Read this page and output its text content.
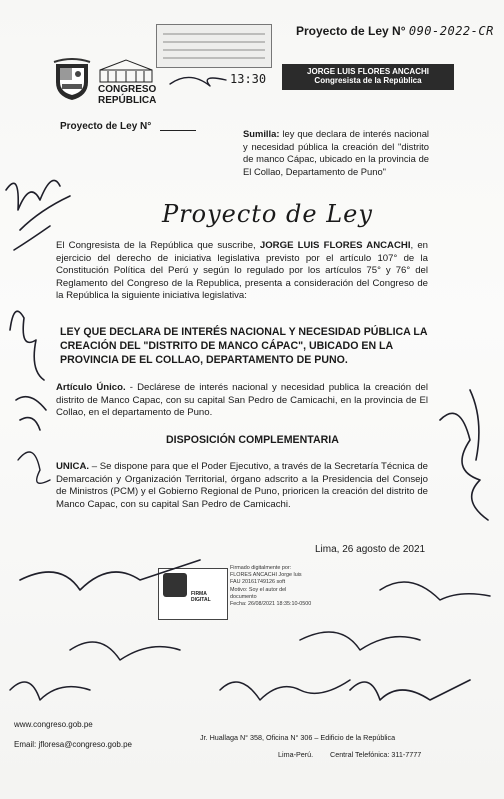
Proyecto de Ley N° 090-2022-CR
13:30
CONGRESO
REPÚBLICA
JORGE LUIS FLORES ANCACHI
Congresista de la República
Proyecto de Ley N°
Sumilla: ley que declara de interés nacional y necesidad pública la creación del "distrito de manco Cápac, ubicado en la provincia de El Collao, Departamento de Puno"
Proyecto de Ley
El Congresista de la República que suscribe, JORGE LUIS FLORES ANCACHI, en ejercicio del derecho de iniciativa legislativa previsto por el artículo 107° de la Constitución Política del Perú y según lo regulado por los artículos 75° y 76° del Reglamento del Congreso de la Republica, presenta a consideración del Congreso de la República la siguiente iniciativa legislativa:
LEY QUE DECLARA DE INTERÉS NACIONAL Y NECESIDAD PÚBLICA LA CREACIÓN DEL "DISTRITO DE MANCO CÁPAC", UBICADO EN LA PROVINCIA DE EL COLLAO, DEPARTAMENTO DE PUNO.
Artículo Único. - Declárese de interés nacional y necesidad publica la creación del distrito de Manco Capac, con su capital San Pedro de Camicachi, en la provincia de El Collao, en el departamento de Puno.
DISPOSICIÓN COMPLEMENTARIA
UNICA. – Se dispone para que el Poder Ejecutivo, a través de la Secretaría Técnica de Demarcación y Organización Territorial, órgano adscrito a la Presidencia del Consejo de Ministros (PCM) y el Gobierno Regional de Puno, prioricen la creación del distrito de Manco Capac, con su capital San Pedro de Camicachi.
Lima, 26 agosto de 2021
FIRMA DIGITAL
Firmado digitalmente por:
FLORES ANCACHI Jorge luis
FAU 20161749126 soft
Motivo: Soy el autor del
documento
Fecha: 26/08/2021 18:35:10-0500
www.congreso.gob.pe
Email: jfloresa@congreso.gob.pe
Jr. Huallaga N° 358, Oficina N° 306 – Edificio de la República
Lima-Perú. Central Telefónica: 311-7777
